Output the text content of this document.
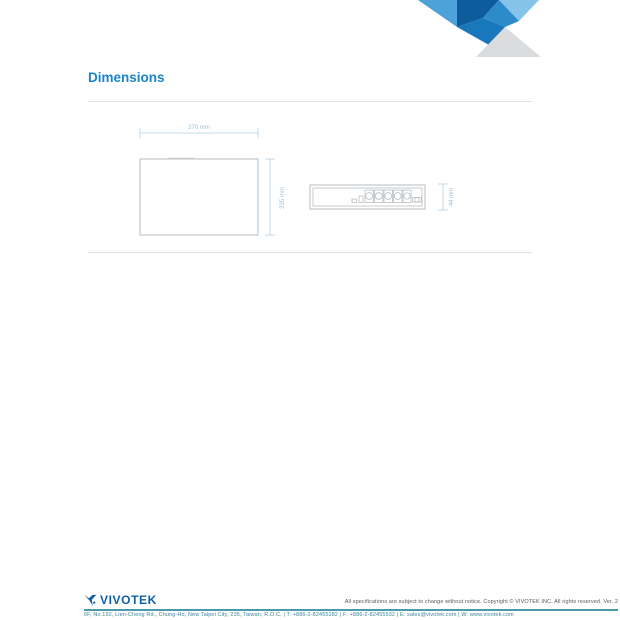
Dimensions
370 mm
235 mm	44 mm
VIVOTEK	All specifications are subject to change without notice. Copyright © VIVOTEK INC. All rights reserved. Ver. 2
6F, No.192, Lien-Cheng Rd., Chung-Ho, New Taipei City, 235, Taiwan, R.O.C. | T: +886-2-82455282 | F: +886-2-82455532 | E: sales@vivotek.com | W: www.vivotek.com
